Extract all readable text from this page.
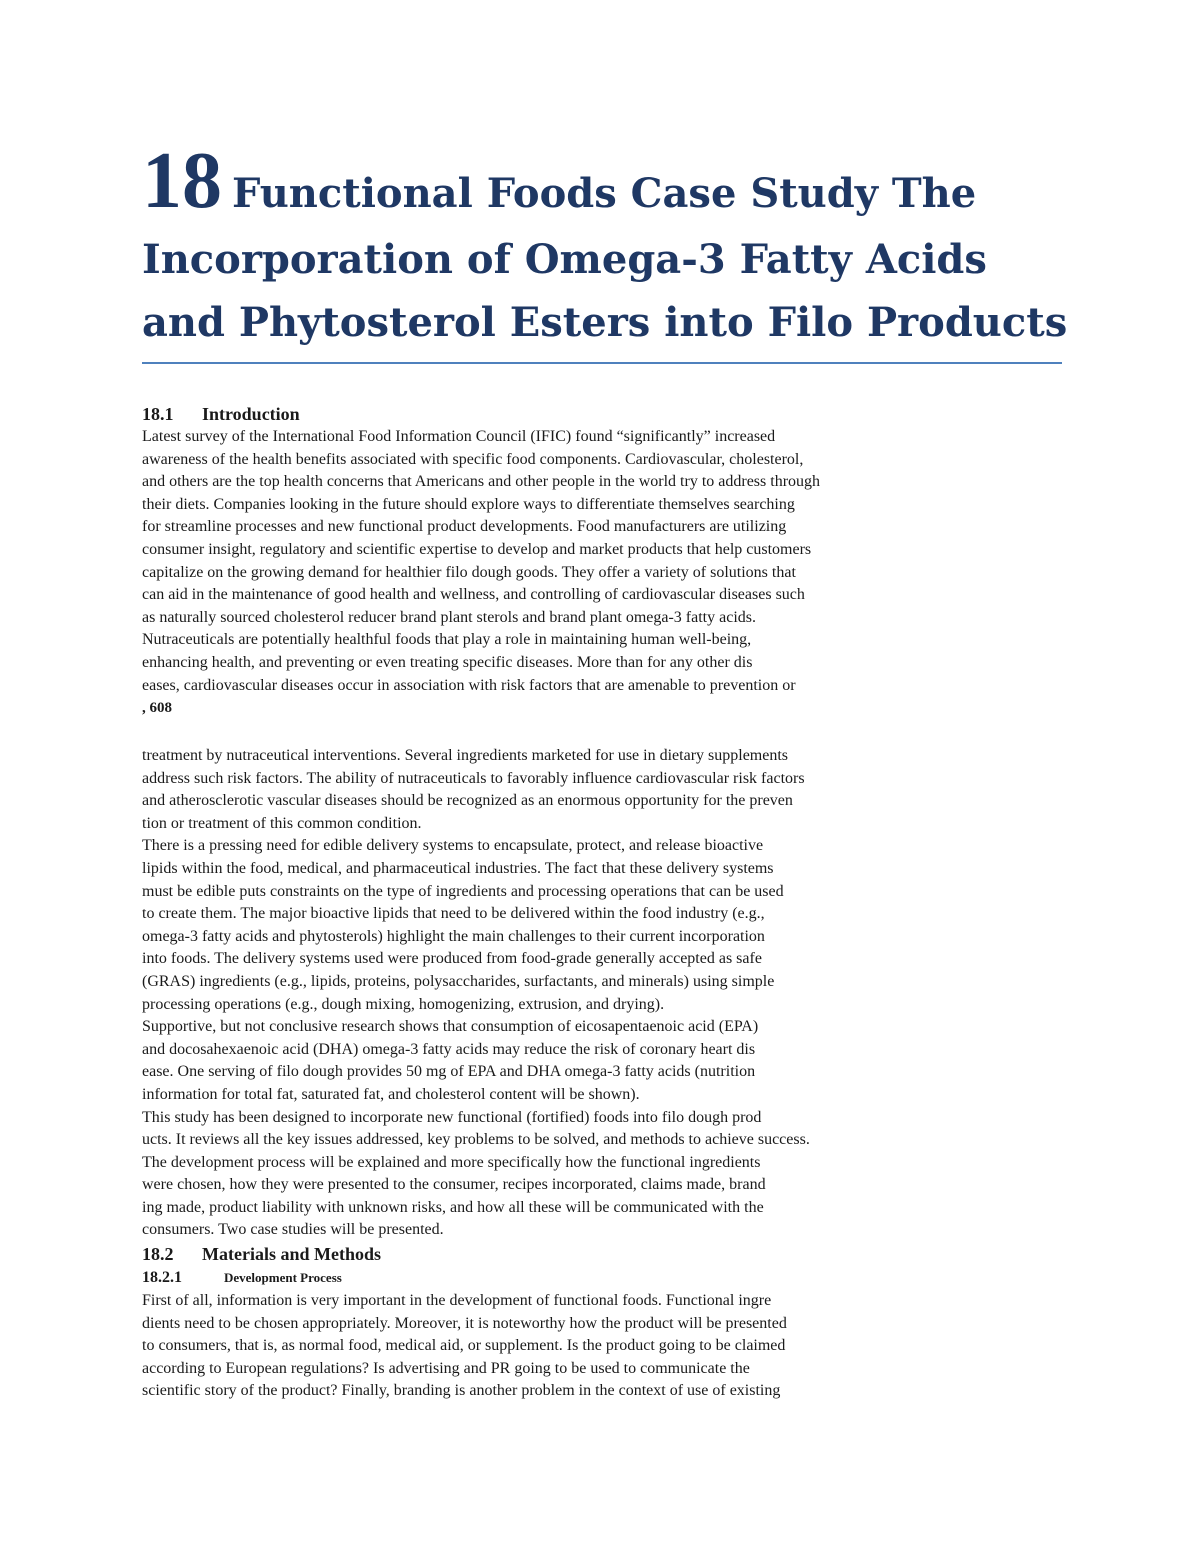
18 Functional Foods Case Study The
Incorporation of Omega-3 Fatty Acids
and Phytosterol Esters into Filo Products
18.1 Introduction
Latest survey of the International Food Information Council (IFIC) found “significantly” increased
awareness of the health benefits associated with specific food components. Cardiovascular, cholesterol,
and others are the top health concerns that Americans and other people in the world try to address through
their diets. Companies looking in the future should explore ways to differentiate themselves searching
for streamline processes and new functional product developments. Food manufacturers are utilizing
consumer insight, regulatory and scientific expertise to develop and market products that help customers
capitalize on the growing demand for healthier filo dough goods. They offer a variety of solutions that
can aid in the maintenance of good health and wellness, and controlling of cardiovascular diseases such
as naturally sourced cholesterol reducer brand plant sterols and brand plant omega-3 fatty acids.
Nutraceuticals are potentially healthful foods that play a role in maintaining human well-being,
enhancing health, and preventing or even treating specific diseases. More than for any other dis
eases, cardiovascular diseases occur in association with risk factors that are amenable to prevention or
, 608
treatment by nutraceutical interventions. Several ingredients marketed for use in dietary supplements
address such risk factors. The ability of nutraceuticals to favorably influence cardiovascular risk factors
and atherosclerotic vascular diseases should be recognized as an enormous opportunity for the preven
tion or treatment of this common condition.
There is a pressing need for edible delivery systems to encapsulate, protect, and release bioactive
lipids within the food, medical, and pharmaceutical industries. The fact that these delivery systems
must be edible puts constraints on the type of ingredients and processing operations that can be used
to create them. The major bioactive lipids that need to be delivered within the food industry (e.g.,
omega-3 fatty acids and phytosterols) highlight the main challenges to their current incorporation
into foods. The delivery systems used were produced from food-grade generally accepted as safe
(GRAS) ingredients (e.g., lipids, proteins, polysaccharides, surfactants, and minerals) using simple
processing operations (e.g., dough mixing, homogenizing, extrusion, and drying).
Supportive, but not conclusive research shows that consumption of eicosapentaenoic acid (EPA)
and docosahexaenoic acid (DHA) omega-3 fatty acids may reduce the risk of coronary heart dis
ease. One serving of filo dough provides 50 mg of EPA and DHA omega-3 fatty acids (nutrition
information for total fat, saturated fat, and cholesterol content will be shown).
This study has been designed to incorporate new functional (fortified) foods into filo dough prod
ucts. It reviews all the key issues addressed, key problems to be solved, and methods to achieve success.
The development process will be explained and more specifically how the functional ingredients
were chosen, how they were presented to the consumer, recipes incorporated, claims made, brand
ing made, product liability with unknown risks, and how all these will be communicated with the
consumers. Two case studies will be presented.
18.2 Materials and Methods
18.2.1	Development Process
First of all, information is very important in the development of functional foods. Functional ingre
dients need to be chosen appropriately. Moreover, it is noteworthy how the product will be presented
to consumers, that is, as normal food, medical aid, or supplement. Is the product going to be claimed
according to European regulations? Is advertising and PR going to be used to communicate the
scientific story of the product? Finally, branding is another problem in the context of use of existing
